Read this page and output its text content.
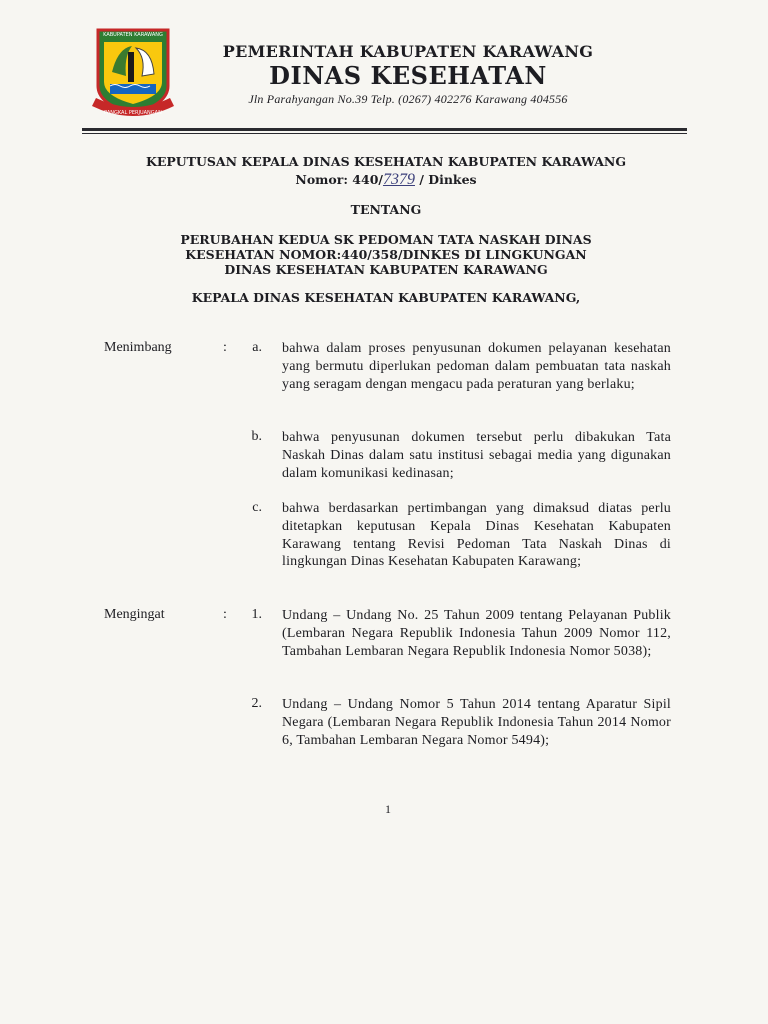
KABUPATEN KARAWANG
PANGKAL PERJUANGAN
PEMERINTAH KABUPATEN KARAWANG
DINAS KESEHATAN
Jln Parahyangan No.39 Telp. (0267) 402276 Karawang 404556
KEPUTUSAN KEPALA DINAS KESEHATAN KABUPATEN KARAWANG
Nomor: 440/7379 / Dinkes
TENTANG
PERUBAHAN KEDUA SK PEDOMAN TATA NASKAH DINAS
KESEHATAN NOMOR:440/358/DINKES DI LINGKUNGAN
DINAS KESEHATAN KABUPATEN KARAWANG
KEPALA DINAS KESEHATAN KABUPATEN KARAWANG,
Menimbang	:	a. bahwa dalam proses penyusunan dokumen pelayanan kesehatan yang bermutu diperlukan pedoman dalam pembuatan tata naskah yang seragam dengan mengacu pada peraturan yang berlaku;
b. bahwa penyusunan dokumen tersebut perlu dibakukan Tata Naskah Dinas dalam satu institusi sebagai media yang digunakan dalam komunikasi kedinasan;
c. bahwa berdasarkan pertimbangan yang dimaksud diatas perlu ditetapkan keputusan Kepala Dinas Kesehatan Kabupaten Karawang tentang Revisi Pedoman Tata Naskah Dinas di lingkungan Dinas Kesehatan Kabupaten Karawang;
Mengingat	:	1. Undang – Undang No. 25 Tahun 2009 tentang Pelayanan Publik (Lembaran Negara Republik Indonesia Tahun 2009 Nomor 112, Tambahan Lembaran Negara Republik Indonesia Nomor 5038);
2. Undang – Undang Nomor 5 Tahun 2014 tentang Aparatur Sipil Negara (Lembaran Negara Republik Indonesia Tahun 2014 Nomor 6, Tambahan Lembaran Negara Nomor 5494);
1
